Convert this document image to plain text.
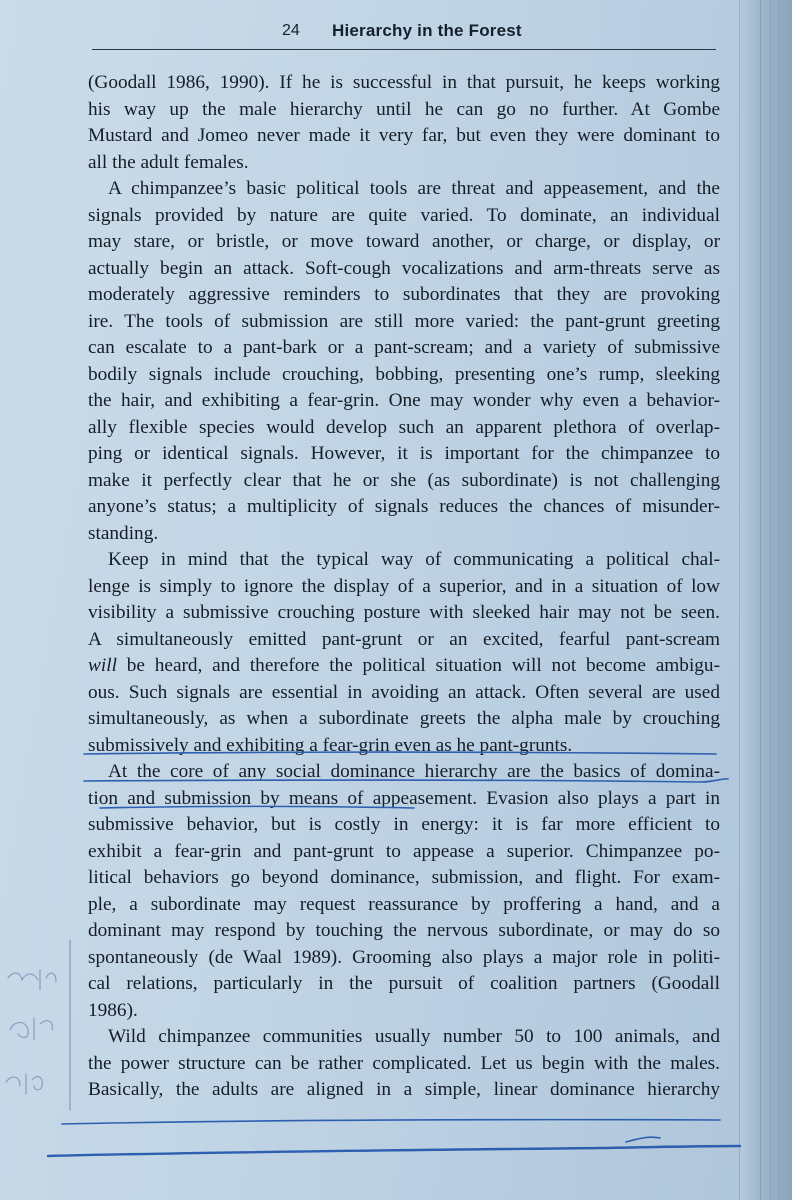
24 Hierarchy in the Forest
(Goodall 1986, 1990). If he is successful in that pursuit, he keeps working
his way up the male hierarchy until he can go no further. At Gombe
Mustard and Jomeo never made it very far, but even they were dominant to
all the adult females.
A chimpanzee’s basic political tools are threat and appeasement, and the
signals provided by nature are quite varied. To dominate, an individual
may stare, or bristle, or move toward another, or charge, or display, or
actually begin an attack. Soft-cough vocalizations and arm-threats serve as
moderately aggressive reminders to subordinates that they are provoking
ire. The tools of submission are still more varied: the pant-grunt greeting
can escalate to a pant-bark or a pant-scream; and a variety of submissive
bodily signals include crouching, bobbing, presenting one’s rump, sleeking
the hair, and exhibiting a fear-grin. One may wonder why even a behavior-
ally flexible species would develop such an apparent plethora of overlap-
ping or identical signals. However, it is important for the chimpanzee to
make it perfectly clear that he or she (as subordinate) is not challenging
anyone’s status; a multiplicity of signals reduces the chances of misunder-
standing.
Keep in mind that the typical way of communicating a political chal-
lenge is simply to ignore the display of a superior, and in a situation of low
visibility a submissive crouching posture with sleeked hair may not be seen.
A simultaneously emitted pant-grunt or an excited, fearful pant-scream
will be heard, and therefore the political situation will not become ambigu-
ous. Such signals are essential in avoiding an attack. Often several are used
simultaneously, as when a subordinate greets the alpha male by crouching
submissively and exhibiting a fear-grin even as he pant-grunts.
At the core of any social dominance hierarchy are the basics of domina-
tion and submission by means of appeasement. Evasion also plays a part in
submissive behavior, but is costly in energy: it is far more efficient to
exhibit a fear-grin and pant-grunt to appease a superior. Chimpanzee po-
litical behaviors go beyond dominance, submission, and flight. For exam-
ple, a subordinate may request reassurance by proffering a hand, and a
dominant may respond by touching the nervous subordinate, or may do so
spontaneously (de Waal 1989). Grooming also plays a major role in politi-
cal relations, particularly in the pursuit of coalition partners (Goodall
1986).
Wild chimpanzee communities usually number 50 to 100 animals, and
the power structure can be rather complicated. Let us begin with the males.
Basically, the adults are aligned in a simple, linear dominance hierarchy
